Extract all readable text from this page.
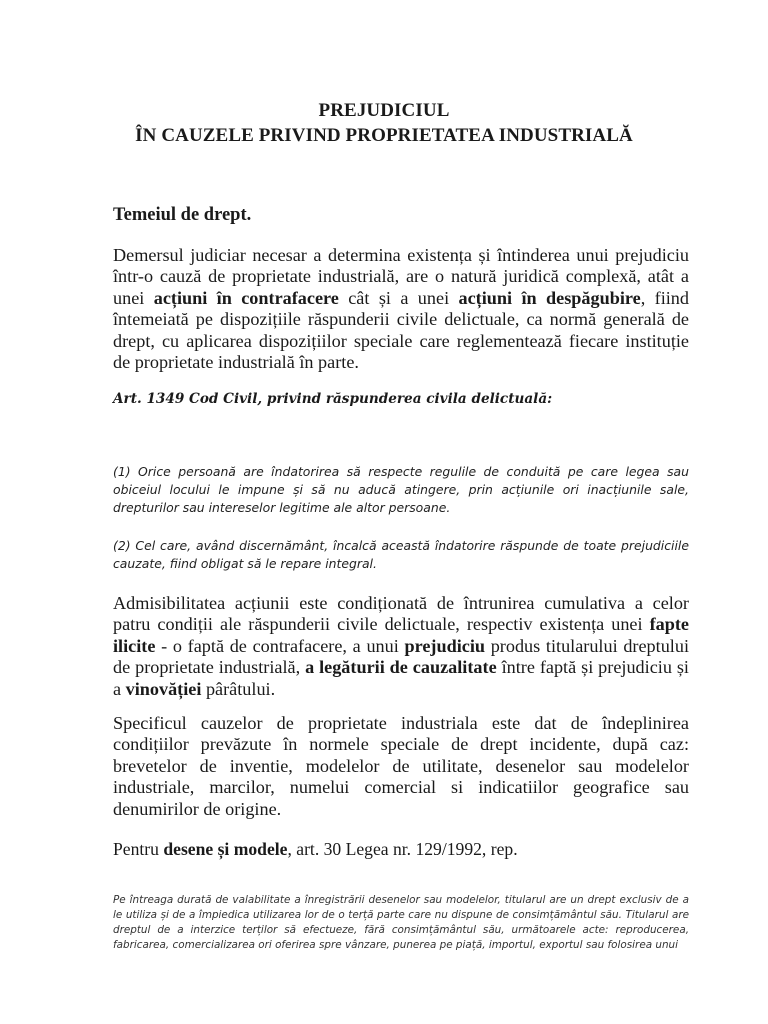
PREJUDICIUL
ÎN CAUZELE PRIVIND PROPRIETATEA INDUSTRIALĂ
Temeiul de drept.
Demersul judiciar necesar a determina existența și întinderea unui prejudiciu într-o cauză de proprietate industrială, are o natură juridică complexă, atât a unei acțiuni în contrafacere cât și a unei acțiuni în despăgubire, fiind întemeiată pe dispozițiile răspunderii civile delictuale, ca normă generală de drept, cu aplicarea dispozițiilor speciale care reglementează fiecare instituție de proprietate industrială în parte.
Art. 1349 Cod Civil, privind răspunderea civila delictuală:
(1) Orice persoană are îndatorirea să respecte regulile de conduită pe care legea sau obiceiul locului le impune și să nu aducă atingere, prin acțiunile ori inacțiunile sale, drepturilor sau intereselor legitime ale altor persoane.
(2) Cel care, având discernământ, încalcă această îndatorire răspunde de toate prejudiciile cauzate, fiind obligat să le repare integral.
Admisibilitatea acțiunii este condiționată de întrunirea cumulativa a celor patru condiții ale răspunderii civile delictuale, respectiv existența unei fapte ilicite - o faptă de contrafacere, a unui prejudiciu produs titularului dreptului de proprietate industrială, a legăturii de cauzalitate între faptă și prejudiciu și a vinovăției pârâtului.
Specificul cauzelor de proprietate industriala este dat de îndeplinirea condițiilor prevăzute în normele speciale de drept incidente, după caz: brevetelor de inventie, modelelor de utilitate, desenelor sau modelelor industriale, marcilor, numelui comercial si indicatiilor geografice sau denumirilor de origine.
Pentru desene și modele, art. 30 Legea nr. 129/1992, rep.
Pe întreaga durată de valabilitate a înregistrării desenelor sau modelelor, titularul are un drept exclusiv de a le utiliza și de a împiedica utilizarea lor de o terță parte care nu dispune de consimțământul său. Titularul are dreptul de a interzice terților să efectueze, fără consimțământul său, următoarele acte: reproducerea, fabricarea, comercializarea ori oferirea spre vânzare, punerea pe piață, importul, exportul sau folosirea unui
